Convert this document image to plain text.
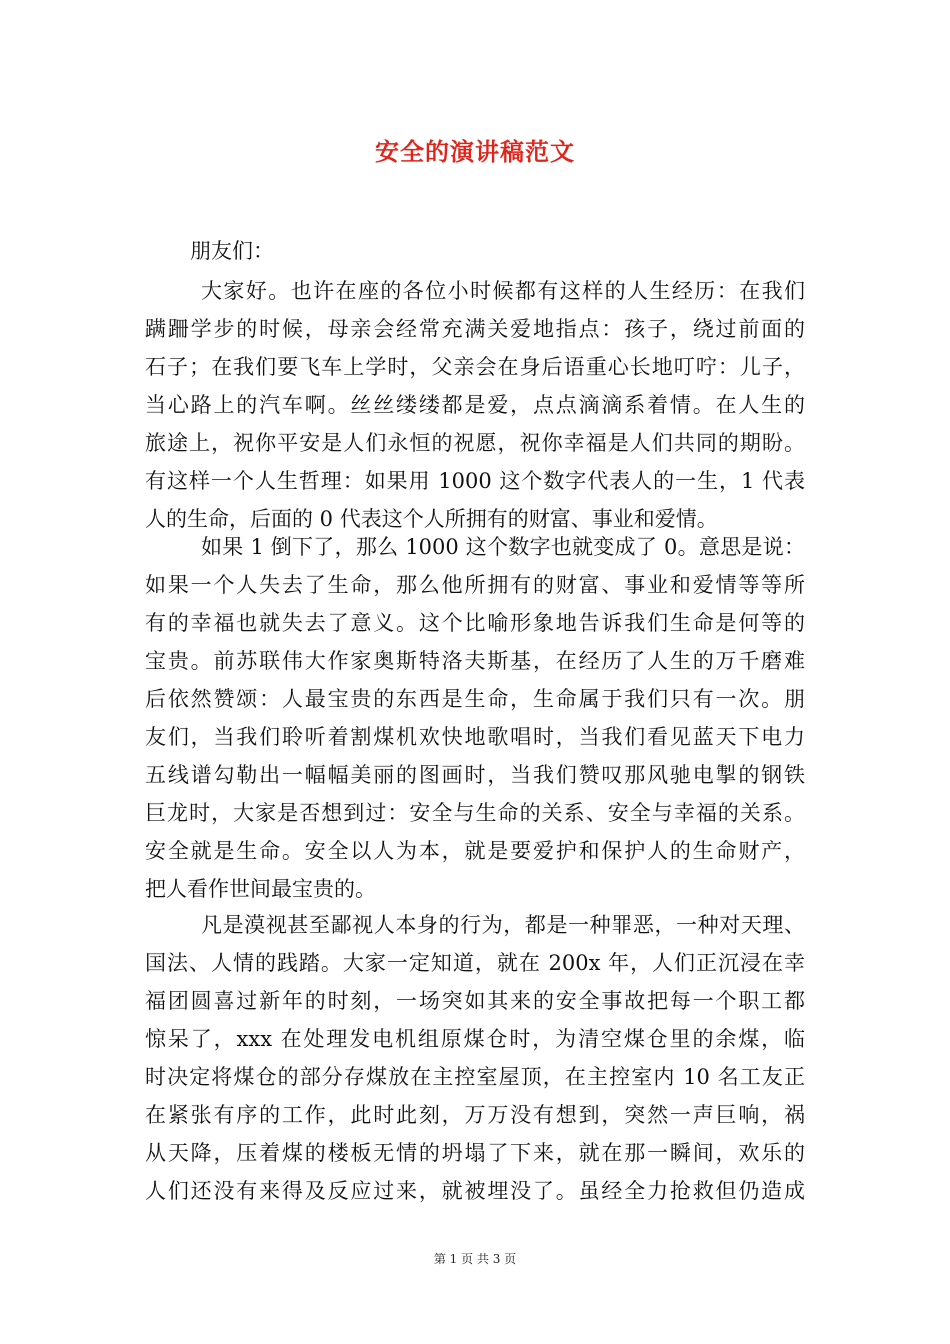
安全的演讲稿范文
朋友们：
大家好。也许在座的各位小时候都有这样的人生经历：在我们
蹒跚学步的时候，母亲会经常充满关爱地指点：孩子，绕过前面的
石子；在我们要飞车上学时，父亲会在身后语重心长地叮咛：儿子，
当心路上的汽车啊。丝丝缕缕都是爱，点点滴滴系着情。在人生的
旅途上，祝你平安是人们永恒的祝愿，祝你幸福是人们共同的期盼。
有这样一个人生哲理：如果用 1000 这个数字代表人的一生，1 代表
人的生命，后面的 0 代表这个人所拥有的财富、事业和爱情。
如果 1 倒下了，那么 1000 这个数字也就变成了 0。意思是说：
如果一个人失去了生命，那么他所拥有的财富、事业和爱情等等所
有的幸福也就失去了意义。这个比喻形象地告诉我们生命是何等的
宝贵。前苏联伟大作家奥斯特洛夫斯基，在经历了人生的万千磨难
后依然赞颂：人最宝贵的东西是生命，生命属于我们只有一次。朋
友们，当我们聆听着割煤机欢快地歌唱时，当我们看见蓝天下电力
五线谱勾勒出一幅幅美丽的图画时，当我们赞叹那风驰电掣的钢铁
巨龙时，大家是否想到过：安全与生命的关系、安全与幸福的关系。
安全就是生命。安全以人为本，就是要爱护和保护人的生命财产，
把人看作世间最宝贵的。
凡是漠视甚至鄙视人本身的行为，都是一种罪恶，一种对天理、
国法、人情的践踏。大家一定知道，就在 200x 年，人们正沉浸在幸
福团圆喜过新年的时刻，一场突如其来的安全事故把每一个职工都
惊呆了，xxx 在处理发电机组原煤仓时，为清空煤仓里的余煤，临
时决定将煤仓的部分存煤放在主控室屋顶，在主控室内 10 名工友正
在紧张有序的工作，此时此刻，万万没有想到，突然一声巨响，祸
从天降，压着煤的楼板无情的坍塌了下来，就在那一瞬间，欢乐的
人们还没有来得及反应过来，就被埋没了。虽经全力抢救但仍造成
第 1 页 共 3 页
